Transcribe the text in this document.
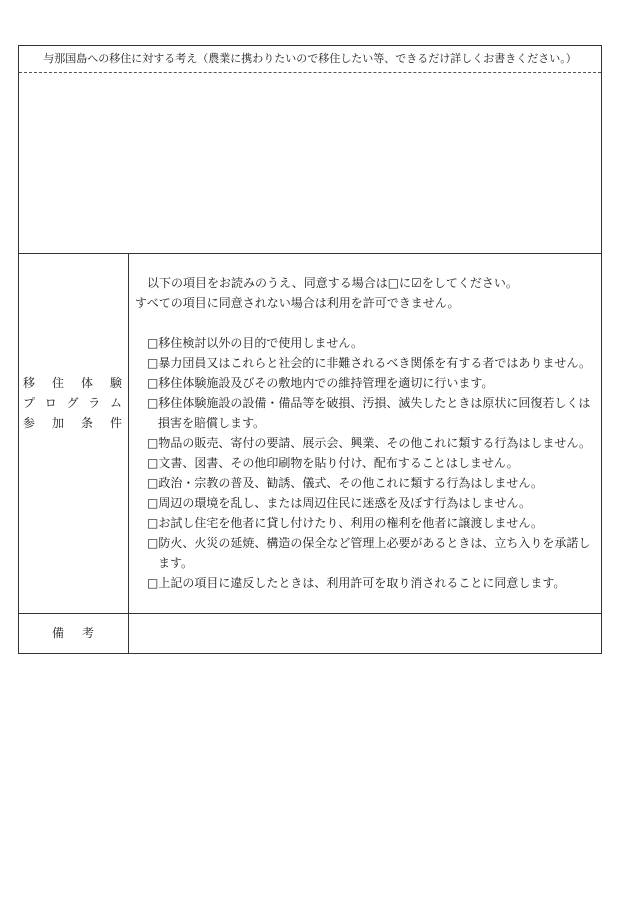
与那国島への移住に対する考え（農業に携わりたいので移住したい等、できるだけ詳しくお書きください。）
移 住 体 験
プ ロ グ ラ ム
参 加 条 件
以下の項目をお読みのうえ、同意する場合は□に☑をしてください。
すべての項目に同意されない場合は利用を許可できません。
□移住検討以外の目的で使用しません。
□暴力団員又はこれらと社会的に非難されるべき関係を有する者ではありません。
□移住体験施設及びその敷地内での維持管理を適切に行います。
□移住体験施設の設備・備品等を破損、汚損、滅失したときは原状に回復若しくは
損害を賠償します。
□物品の販売、寄付の要請、展示会、興業、その他これに類する行為はしません。
□文書、図書、その他印刷物を貼り付け、配布することはしません。
□政治・宗教の普及、勧誘、儀式、その他これに類する行為はしません。
□周辺の環境を乱し、または周辺住民に迷惑を及ぼす行為はしません。
□お試し住宅を他者に貸し付けたり、利用の権利を他者に譲渡しません。
□防火、火災の延焼、構造の保全など管理上必要があるときは、立ち入りを承諾し
ます。
□上記の項目に違反したときは、利用許可を取り消されることに同意します。
備 考
